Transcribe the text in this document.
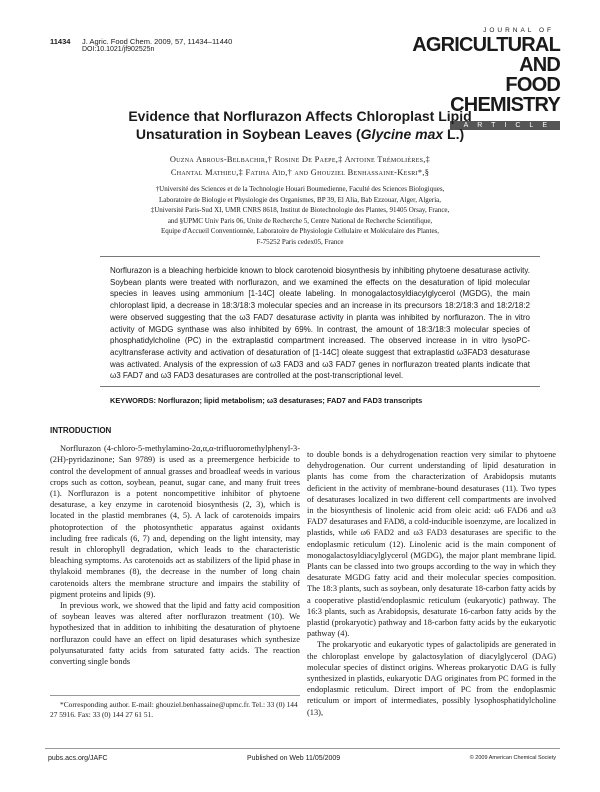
11434 J. Agric. Food Chem. 2009, 57, 11434–11440
DOI:10.1021/jf902525n
JOURNAL OF
AGRICULTURAL AND
FOOD CHEMISTRY
ARTICLE
Evidence that Norflurazon Affects Chloroplast Lipid
Unsaturation in Soybean Leaves (Glycine max L.)
Ouzna Abrous-Belbachir,† Rosine De Paepe,‡ Antoine Trémolières,‡
Chantal Mathieu,‡ Fatiha Aïd,† and Ghouziel Benhassaine-Kesri*,§
†Université des Sciences et de la Technologie Houari Boumedienne, Faculté des Sciences Biologiques,
Laboratoire de Biologie et Physiologie des Organismes, BP 39, El Alia, Bab Ezzouar, Alger, Algeria,
‡Université Paris-Sud XI, UMR CNRS 8618, Institut de Biotechnologie des Plantes, 91405 Orsay, France,
and §UPMC Univ Paris 06, Unite de Recherche 5, Centre National de Recherche Scientifique,
Equipe d'Accueil Conventionnée, Laboratoire de Physiologie Cellulaire et Moléculaire des Plantes,
F-75252 Paris cedex05, France
Norflurazon is a bleaching herbicide known to block carotenoid biosynthesis by inhibiting phytoene desaturase activity. Soybean plants were treated with norflurazon, and we examined the effects on the desaturation of lipid molecular species in leaves using ammonium [1-14C] oleate labeling. In monogalactosyldiacylglycerol (MGDG), the main chloroplast lipid, a decrease in 18:3/18:3 molecular species and an increase in its precursors 18:2/18:3 and 18:2/18:2 were observed suggesting that the ω3 FAD7 desaturase activity in planta was inhibited by norflurazon. The in vitro activity of MGDG synthase was also inhibited by 69%. In contrast, the amount of 18:3/18:3 molecular species of phosphatidylcholine (PC) in the extraplastid compartment increased. The observed increase in in vitro lysoPC-acyltransferase activity and activation of desaturation of [1-14C] oleate suggest that extraplastid ω3FAD3 desaturase was activated. Analysis of the expression of ω3 FAD3 and ω3 FAD7 genes in norflurazon treated plants indicate that ω3 FAD7 and ω3 FAD3 desaturases are controlled at the post-transcriptional level.
KEYWORDS: Norflurazon; lipid metabolism; ω3 desaturases; FAD7 and FAD3 transcripts
INTRODUCTION

Norflurazon (4-chloro-5-methylamino-2α,α,α-trifluoromethylphenyl-3-(2H)-pyridazinone; San 9789) is used as a preemergence herbicide to control the development of annual grasses and broadleaf weeds in various crops such as cotton, soybean, peanut, sugar cane, and many fruit trees (1). Norflurazon is a potent noncompetitive inhibitor of phytoene desaturase, a key enzyme in carotenoid biosynthesis (2, 3), which is located in the plastid membranes (4, 5). A lack of carotenoids impairs photoprotection of the photosynthetic apparatus against oxidants including free radicals (6, 7) and, depending on the light intensity, may result in chlorophyll degradation, which leads to the characteristic bleaching symptoms. As carotenoids act as stabilizers of the lipid phase in thylakoid membranes (8), the decrease in the number of long chain carotenoids alters the membrane structure and impairs the stability of pigment proteins and lipids (9).

In previous work, we showed that the lipid and fatty acid composition of soybean leaves was altered after norflurazon treatment (10). We hypothesized that in addition to inhibiting the desaturation of phytoene norflurazon could have an effect on lipid desaturases which synthesize polyunsaturated fatty acids from saturated fatty acids. The reaction converting single bonds

to double bonds is a dehydrogenation reaction very similar to phytoene dehydrogenation. Our current understanding of lipid desaturation in plants has come from the characterization of Arabidopsis mutants deficient in the activity of membrane-bound desaturases (11). Two types of desaturases localized in two different cell compartments are involved in the biosynthesis of linolenic acid from oleic acid: ω6 FAD6 and ω3 FAD7 desaturases and FAD8, a cold-inducible isoenzyme, are localized in plastids, while ω6 FAD2 and ω3 FAD3 desaturases are specific to the endoplasmic reticulum (12). Linolenic acid is the main component of monogalactosyldiacylglycerol (MGDG), the major plant membrane lipid. Plants can be classed into two groups according to the way in which they desaturate MGDG fatty acid and their molecular species composition. The 18:3 plants, such as soybean, only desaturate 18-carbon fatty acids by a cooperative plastid/endoplasmic reticulum (eukaryotic) pathway. The 16:3 plants, such as Arabidopsis, desaturate 16-carbon fatty acids by the plastid (prokaryotic) pathway and 18-carbon fatty acids by the eukaryotic pathway (4).

The prokaryotic and eukaryotic types of galactolipids are generated in the chloroplast envelope by galactosylation of diacylglycerol (DAG) molecular species of distinct origins. Whereas prokaryotic DAG is fully synthesized in plastids, eukaryotic DAG originates from PC formed in the endoplasmic reticulum. Direct import of PC from the endoplasmic reticulum or import of intermediates, possibly lysophosphatidylcholine (13),

*Corresponding author. E-mail: ghouziel.benhassaine@upmc.fr. Tel.: 33 (0) 144 27 5916. Fax: 33 (0) 144 27 61 51.

pubs.acs.org/JAFC	Published on Web 11/05/2009	© 2009 American Chemical Society
